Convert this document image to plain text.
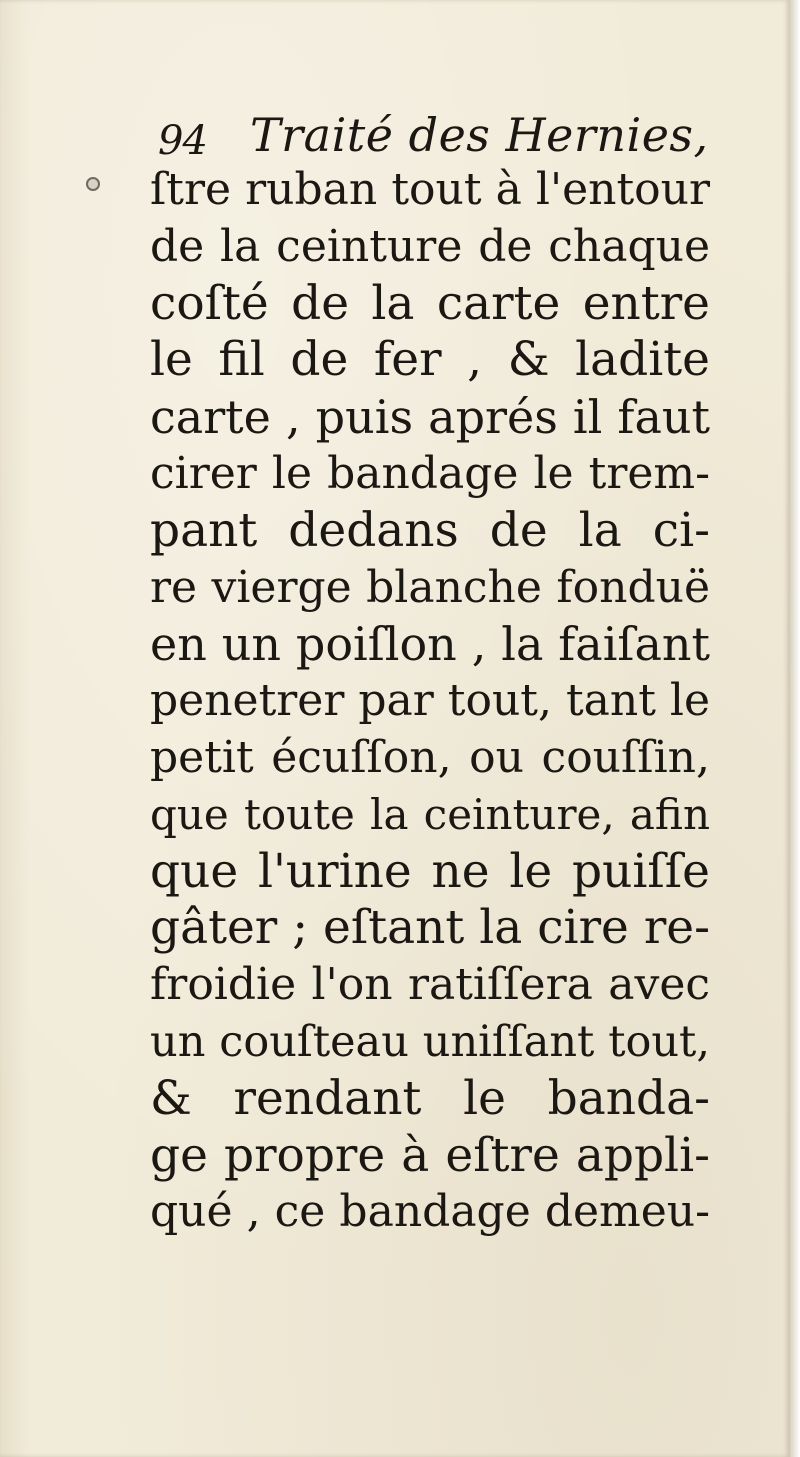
94 Traité des Hernies,
ſtre ruban tout à l'entour
de la ceinture de chaque
coſté de la carte entre
le fil de fer , & ladite
carte , puis aprés il faut
cirer le bandage le trem-
pant dedans de la ci-
re vierge blanche fonduë
en un poiſlon , la faiſant
penetrer par tout, tant le
petit écuſſon, ou couſſin,
que toute la ceinture, afin
que l'urine ne le puiſſe
gâter ; eſtant la cire re-
froidie l'on ratiſſera avec
un couſteau uniſſant tout,
& rendant le banda-
ge propre à eſtre appli-
qué , ce bandage demeu-
